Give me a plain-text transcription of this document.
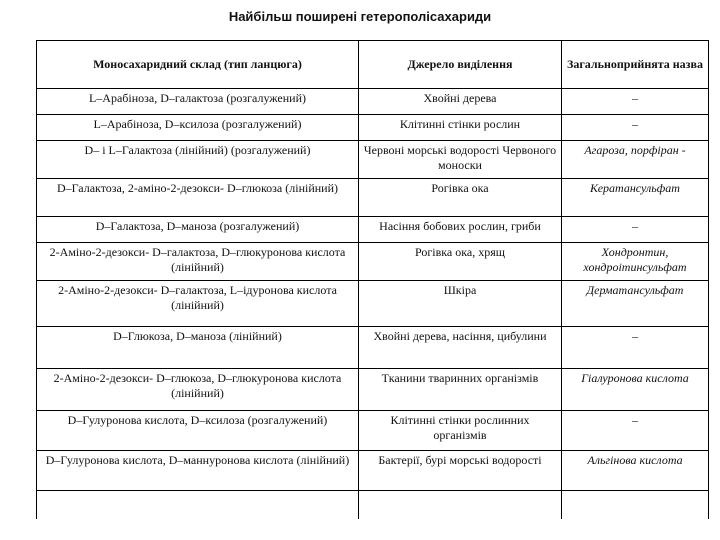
Найбільш поширені гетерополісахариди
Моносахаридний склад (тип ланцюга)	Джерело виділення	Загальноприйнята назва
L–Арабіноза, D–галактоза (розгалужений)	Хвойні дерева	–
L–Арабіноза, D–ксилоза (розгалужений)	Клітинні стінки рослин	–
D– і L–Галактоза (лінійний) (розгалужений)	Червоні морські водорості Червоного моноски	Агароза, порфіран -
D–Галактоза, 2-аміно-2-дезокси- D–глюкоза (лінійний)	Рогівка ока	Кератансульфат
D–Галактоза, D–маноза (розгалужений)	Насіння бобових рослин, гриби	–
2-Аміно-2-дезокси- D–галактоза, D–глюкуронова кислота (лінійний)	Рогівка ока, хрящ	Хондронтин, хондроітинсульфат
2-Аміно-2-дезокси- D–галактоза, L–ідуронова кислота (лінійний)	Шкіра	Дерматансульфат
D–Глюкоза, D–маноза (лінійний)	Хвойні дерева, насіння, цибулини	–
2-Аміно-2-дезокси- D–глюкоза, D–глюкуронова кислота (лінійний)	Тканини тваринних організмів	Гіалуронова кислота
D–Гулуронова кислота, D–ксилоза (розгалужений)	Клітинні стінки рослинних організмів	–
D–Гулуронова кислота, D–маннуронова кислота (лінійний)	Бактерії, бурі морські водорості	Альгінова кислота
